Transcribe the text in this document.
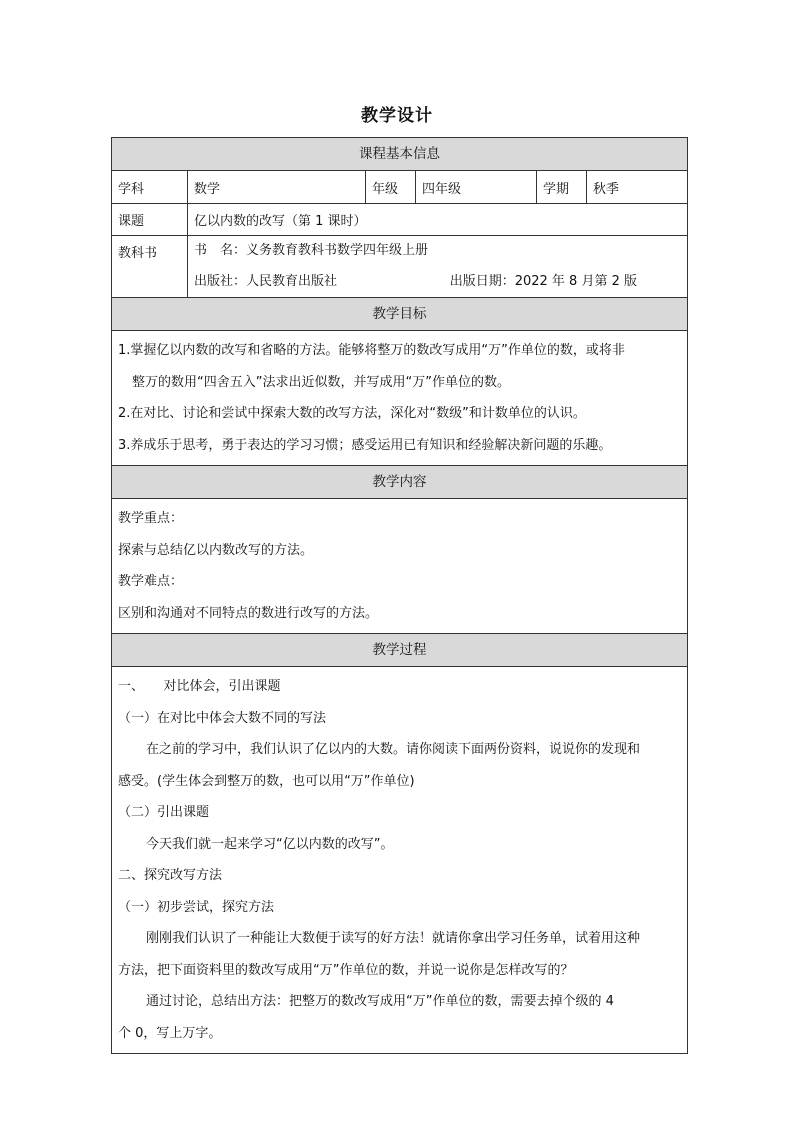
教学设计
课程基本信息
学科	数学	年级	四年级	学期	秋季
课题	亿以内数的改写（第 1 课时）
教科书	书　名：义务教育教科书数学四年级上册
出版社：人民教育出版社	出版日期：2022 年 8 月第 2 版
教学目标
1.掌握亿以内数的改写和省略的方法。能够将整万的数改写成用“万”作单位的数，或将非
整万的数用“四舍五入”法求出近似数，并写成用“万”作单位的数。
2.在对比、讨论和尝试中探索大数的改写方法，深化对“数级”和计数单位的认识。
3.养成乐于思考，勇于表达的学习习惯；感受运用已有知识和经验解决新问题的乐趣。
教学内容
教学重点：
探索与总结亿以内数改写的方法。
教学难点：
区别和沟通对不同特点的数进行改写的方法。
教学过程
一、　　对比体会，引出课题
（一）在对比中体会大数不同的写法
在之前的学习中，我们认识了亿以内的大数。请你阅读下面两份资料，说说你的发现和
感受。(学生体会到整万的数，也可以用“万”作单位)
（二）引出课题
今天我们就一起来学习“亿以内数的改写”。
二、探究改写方法
（一）初步尝试，探究方法
刚刚我们认识了一种能让大数便于读写的好方法！就请你拿出学习任务单，试着用这种
方法，把下面资料里的数改写成用“万”作单位的数，并说一说你是怎样改写的？
通过讨论，总结出方法：把整万的数改写成用“万”作单位的数，需要去掉个级的 4
个 0，写上万字。
